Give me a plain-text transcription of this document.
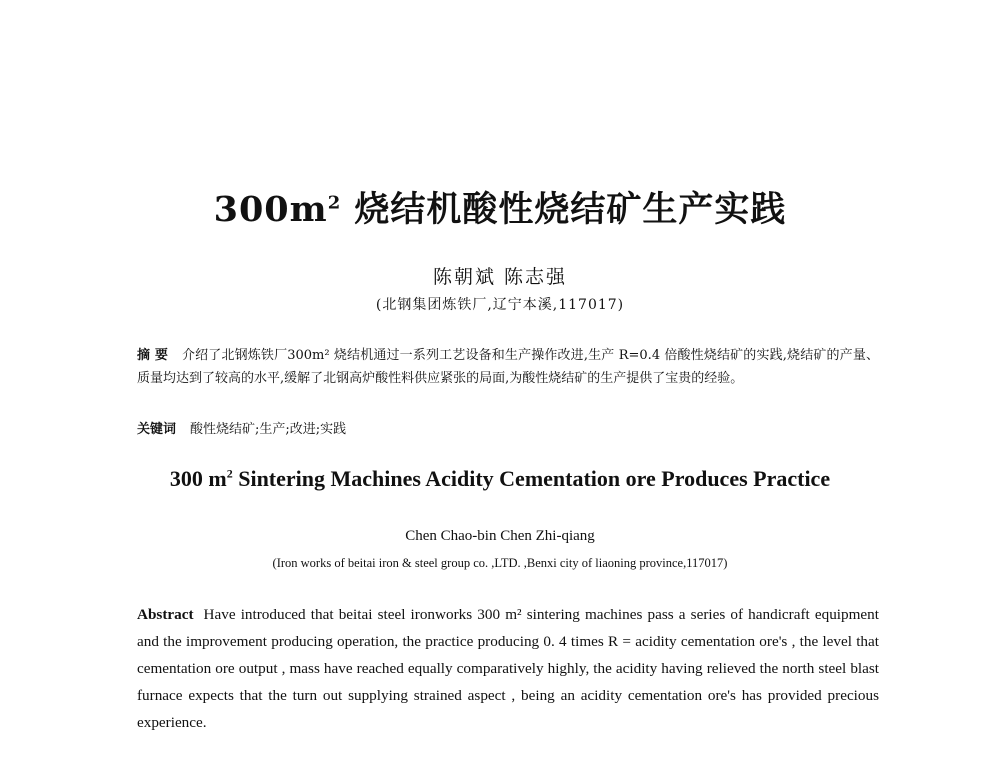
$300m^2$ 烧结机酸性烧结矿生产实践
陈朝斌 陈志强
(北钢集团炼铁厂,辽宁本溪,117017)
摘 要 介绍了北钢炼铁厂300m² 烧结机通过一系列工艺设备和生产操作改进,生产 R=0.4 倍酸性烧结矿的实践,烧结矿的产量、质量均达到了较高的水平,缓解了北钢高炉酸性料供应紧张的局面,为酸性烧结矿的生产提供了宝贵的经验。
关键词 酸性烧结矿;生产;改进;实践
300 $m^2$ Sintering Machines Acidity Cementation ore Produces Practice
Chen Chao-bin Chen Zhi-qiang
(Iron works of beitai iron & steel group co. ,LTD. ,Benxi city of liaoning province,117017)
Abstract Have introduced that beitai steel ironworks 300 m² sintering machines pass a series of handicraft equipment and the improvement producing operation, the practice producing 0. 4 times R = acidity cementation ore's , the level that cementation ore output , mass have reached equally comparatively highly, the acidity having relieved the north steel blast furnace expects that the turn out supplying strained aspect , being an acidity cementation ore's has provided precious experience.
